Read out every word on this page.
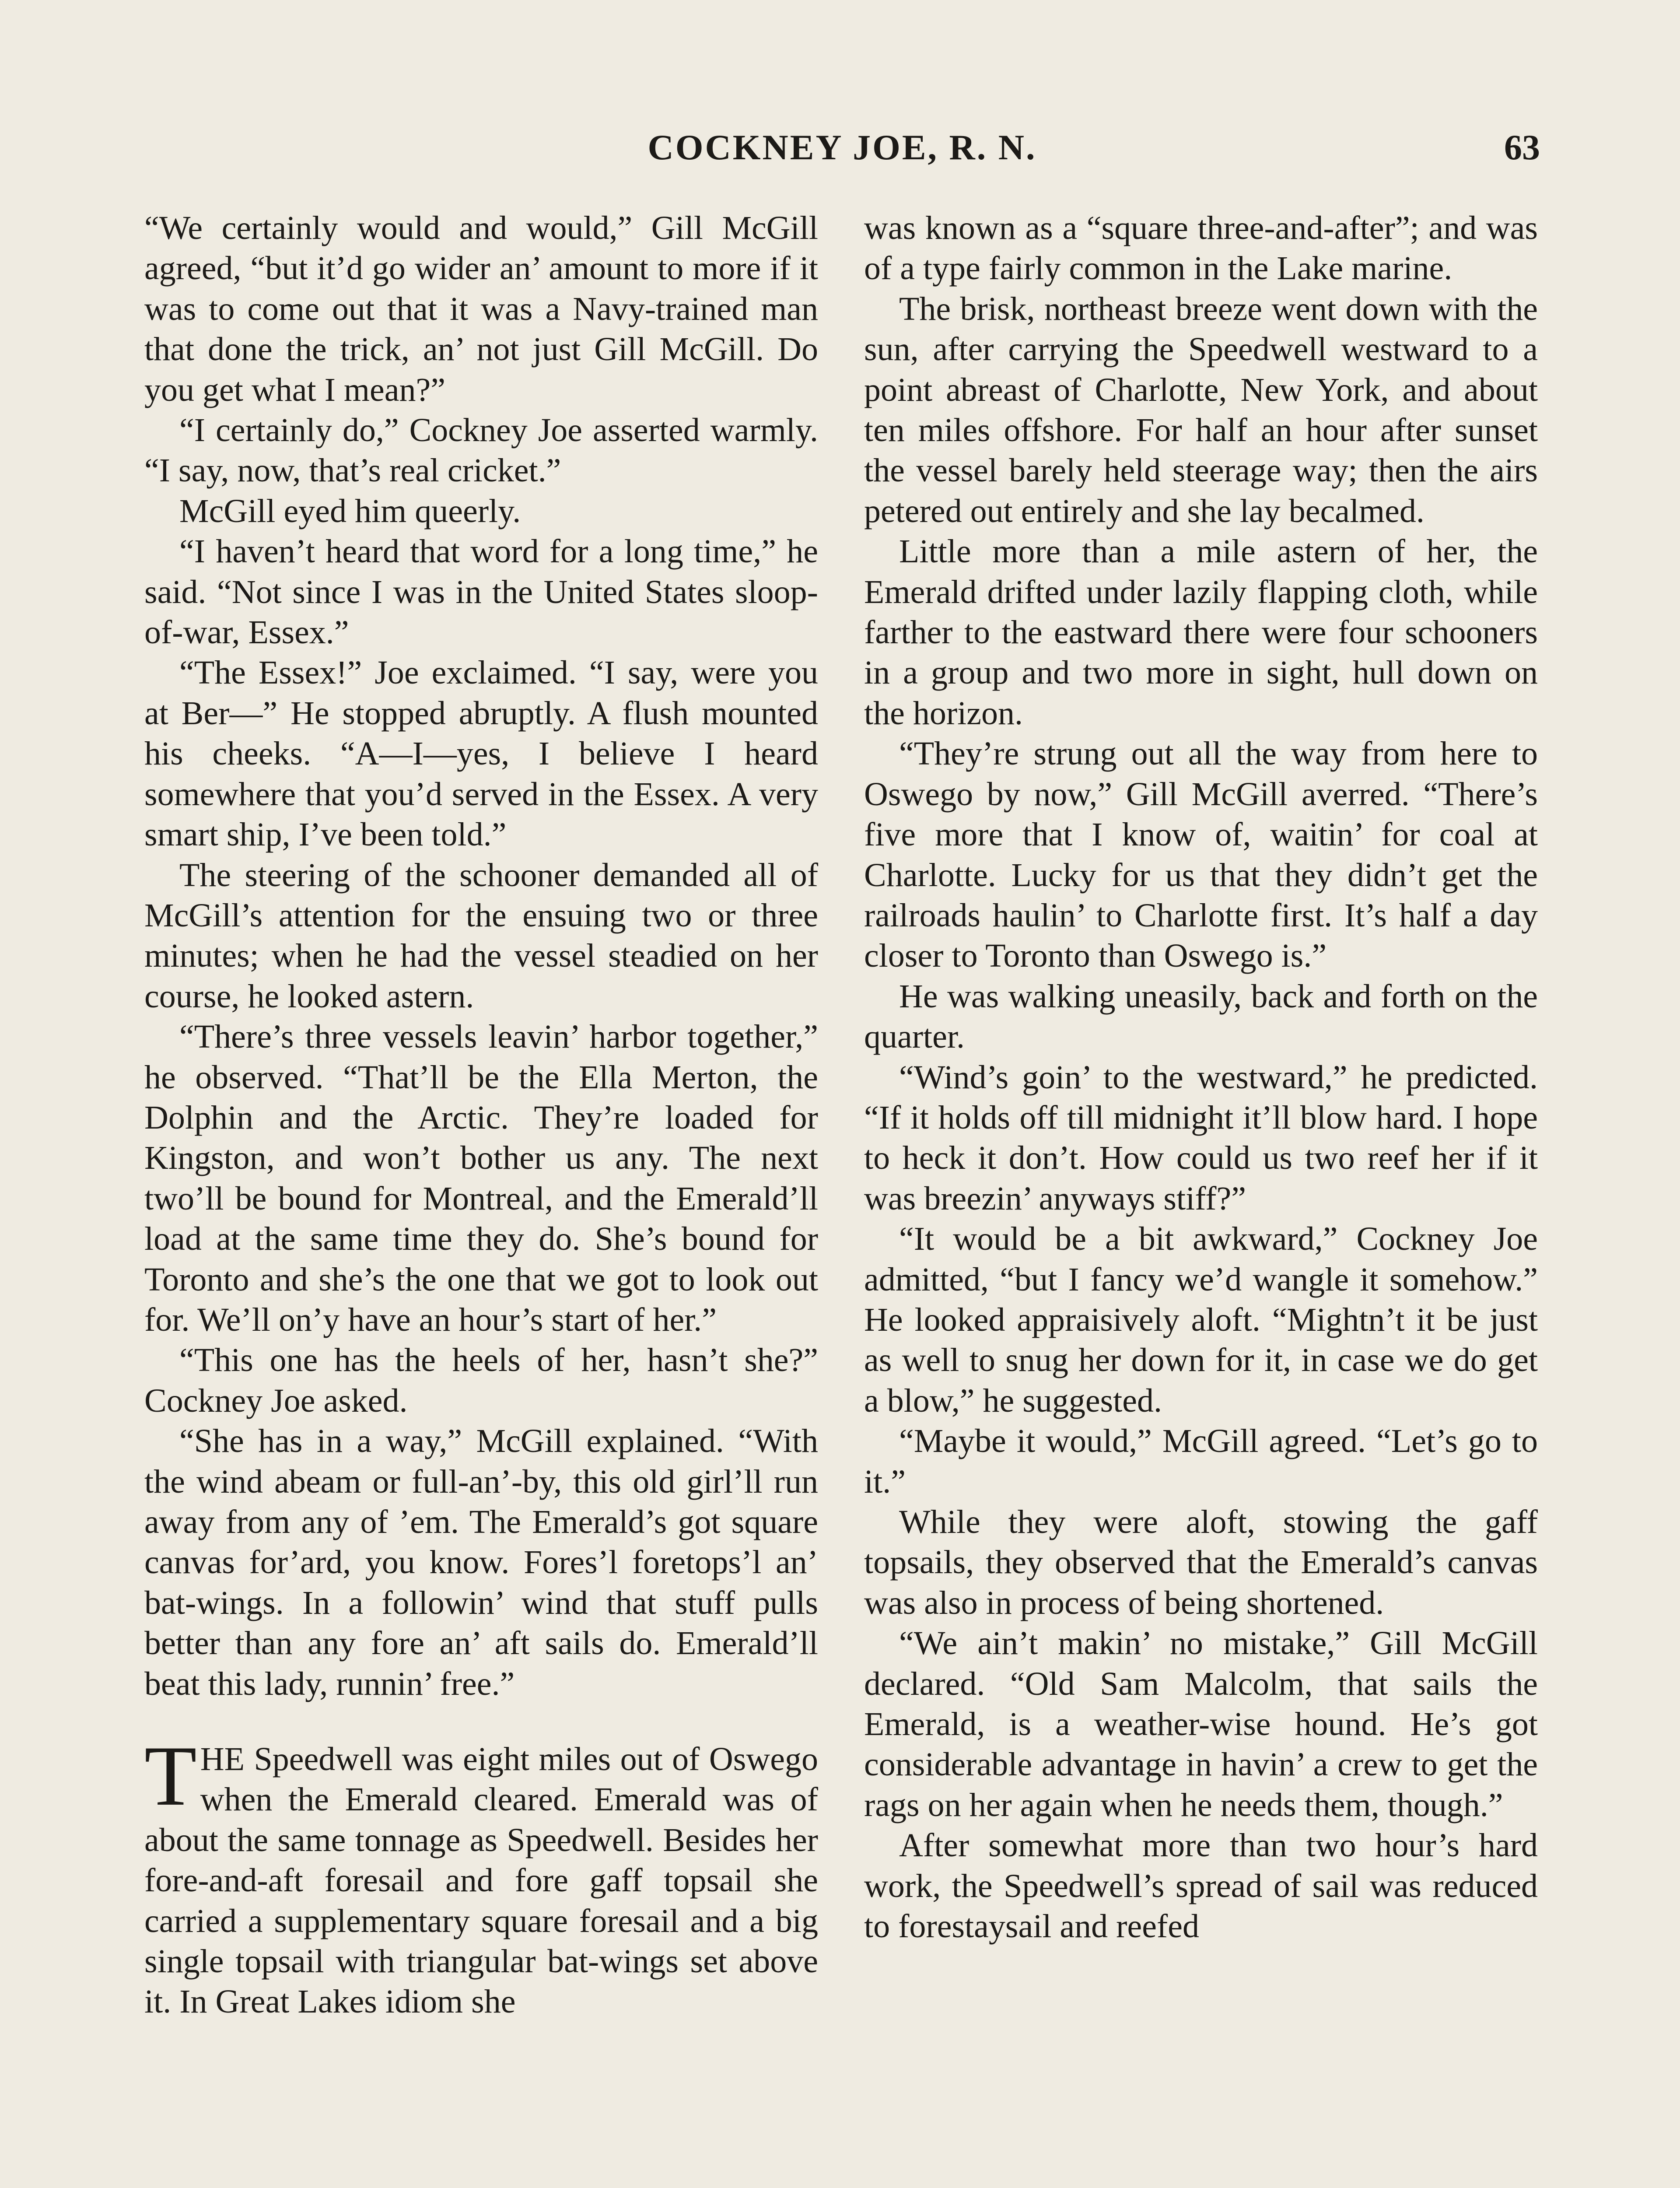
COCKNEY JOE, R. N.	63

“We certainly would and would,” Gill McGill agreed, “but it’d go wider an’ amount to more if it was to come out that it was a Navy-trained man that done the trick, an’ not just Gill McGill. Do you get what I mean?”

“I certainly do,” Cockney Joe asserted warmly. “I say, now, that’s real cricket.”

McGill eyed him queerly.

“I haven’t heard that word for a long time,” he said. “Not since I was in the United States sloop-of-war, Essex.”

“The Essex!” Joe exclaimed. “I say, were you at Ber—” He stopped abruptly. A flush mounted his cheeks. “A—I—yes, I believe I heard somewhere that you’d served in the Essex. A very smart ship, I’ve been told.”

The steering of the schooner demanded all of McGill’s attention for the ensuing two or three minutes; when he had the vessel steadied on her course, he looked astern.

“There’s three vessels leavin’ harbor together,” he observed. “That’ll be the Ella Merton, the Dolphin and the Arctic. They’re loaded for Kingston, and won’t bother us any. The next two’ll be bound for Montreal, and the Emerald’ll load at the same time they do. She’s bound for Toronto and she’s the one that we got to look out for. We’ll on’y have an hour’s start of her.”

“This one has the heels of her, hasn’t she?” Cockney Joe asked.

“She has in a way,” McGill explained. “With the wind abeam or full-an’-by, this old girl’ll run away from any of ’em. The Emerald’s got square canvas for’ard, you know. Fores’l foretops’l an’ bat-wings. In a followin’ wind that stuff pulls better than any fore an’ aft sails do. Emerald’ll beat this lady, runnin’ free.”

THE Speedwell was eight miles out of Oswego when the Emerald cleared. Emerald was of about the same tonnage as Speedwell. Besides her fore-and-aft foresail and fore gaff topsail she carried a supplementary square foresail and a big single topsail with triangular bat-wings set above it. In Great Lakes idiom she

was known as a “square three-and-after”; and was of a type fairly common in the Lake marine.

The brisk, northeast breeze went down with the sun, after carrying the Speedwell westward to a point abreast of Charlotte, New York, and about ten miles offshore. For half an hour after sunset the vessel barely held steerage way; then the airs petered out entirely and she lay becalmed.

Little more than a mile astern of her, the Emerald drifted under lazily flapping cloth, while farther to the eastward there were four schooners in a group and two more in sight, hull down on the horizon.

“They’re strung out all the way from here to Oswego by now,” Gill McGill averred. “There’s five more that I know of, waitin’ for coal at Charlotte. Lucky for us that they didn’t get the railroads haulin’ to Charlotte first. It’s half a day closer to Toronto than Oswego is.”

He was walking uneasily, back and forth on the quarter.

“Wind’s goin’ to the westward,” he predicted. “If it holds off till midnight it’ll blow hard. I hope to heck it don’t. How could us two reef her if it was breezin’ anyways stiff?”

“It would be a bit awkward,” Cockney Joe admitted, “but I fancy we’d wangle it somehow.” He looked appraisively aloft. “Mightn’t it be just as well to snug her down for it, in case we do get a blow,” he suggested.

“Maybe it would,” McGill agreed. “Let’s go to it.”

While they were aloft, stowing the gaff topsails, they observed that the Emerald’s canvas was also in process of being shortened.

“We ain’t makin’ no mistake,” Gill McGill declared. “Old Sam Malcolm, that sails the Emerald, is a weather-wise hound. He’s got considerable advantage in havin’ a crew to get the rags on her again when he needs them, though.”

After somewhat more than two hour’s hard work, the Speedwell’s spread of sail was reduced to forestaysail and reefed
